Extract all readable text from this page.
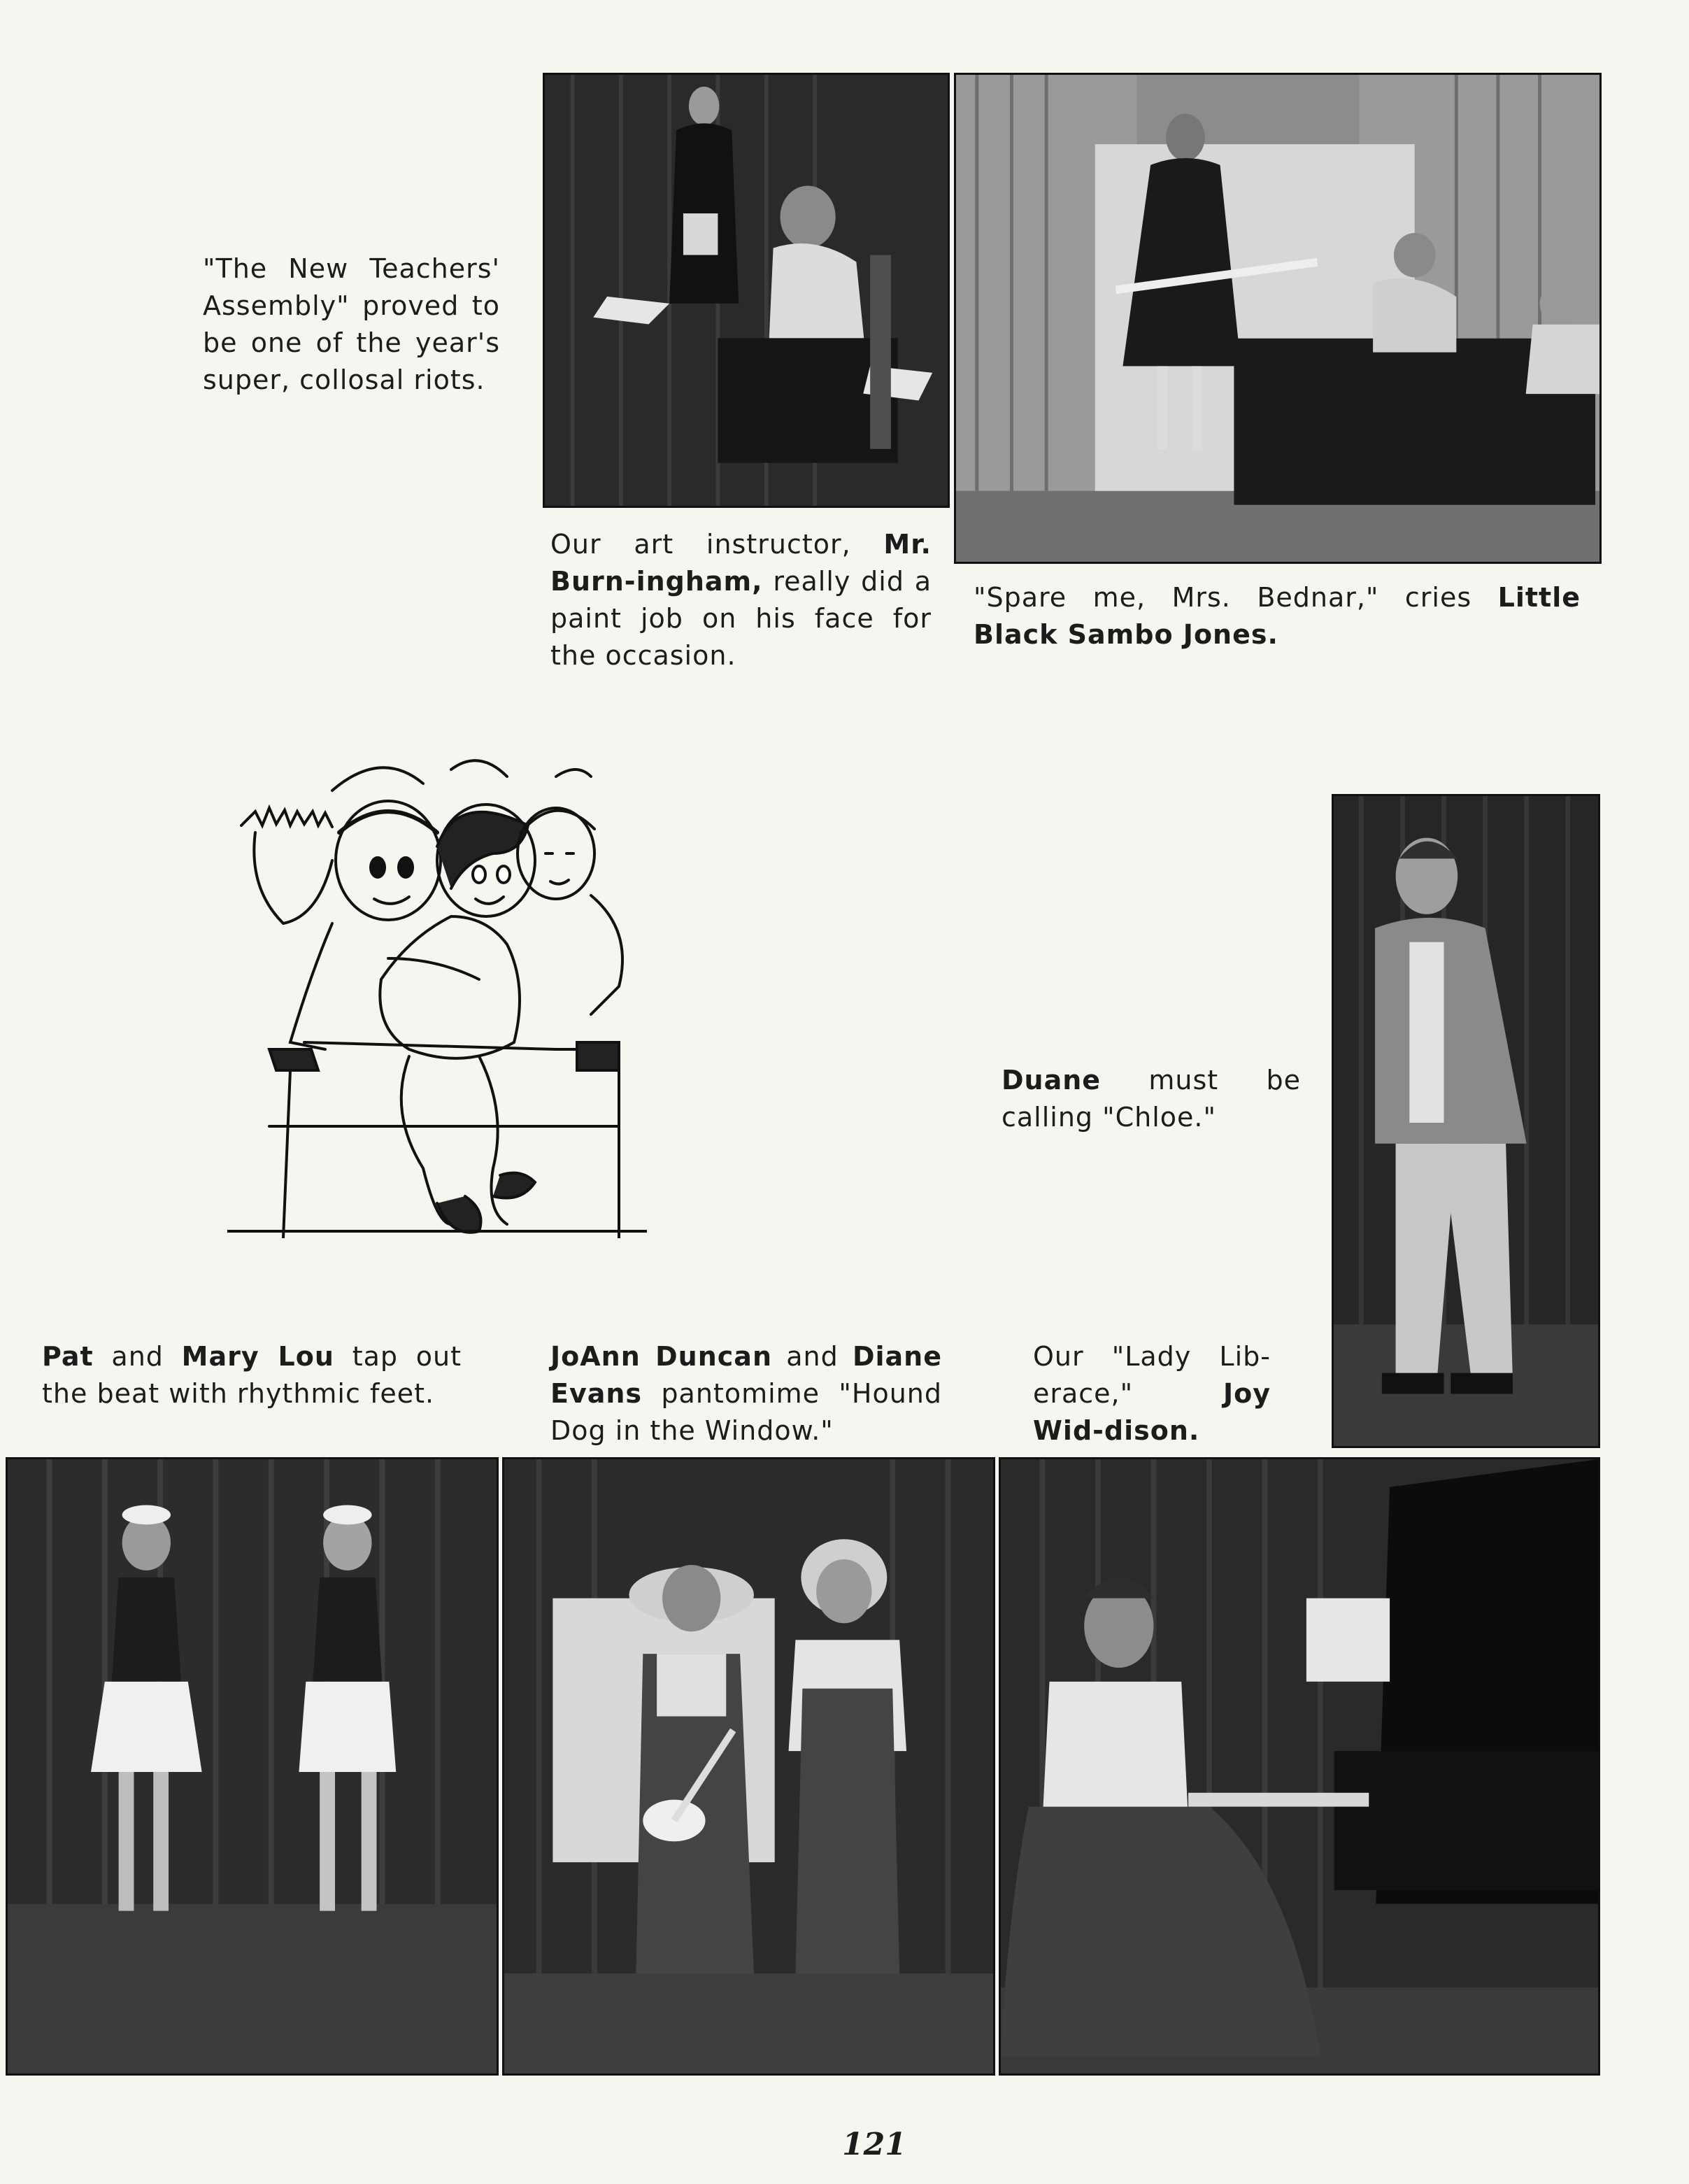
"The New Teachers' Assembly" proved to be one of the year's super, collosal riots.
Our art instructor, Mr. Burn-ingham, really did a paint job on his face for the occasion.
"Spare me, Mrs. Bednar," cries Little Black Sambo Jones.
Duane must be calling "Chloe."
Pat and Mary Lou tap out the beat with rhythmic feet.
JoAnn Duncan and Diane Evans pantomime "Hound Dog in the Window."
Our "Lady Lib-erace," Joy Wid-dison.
121
